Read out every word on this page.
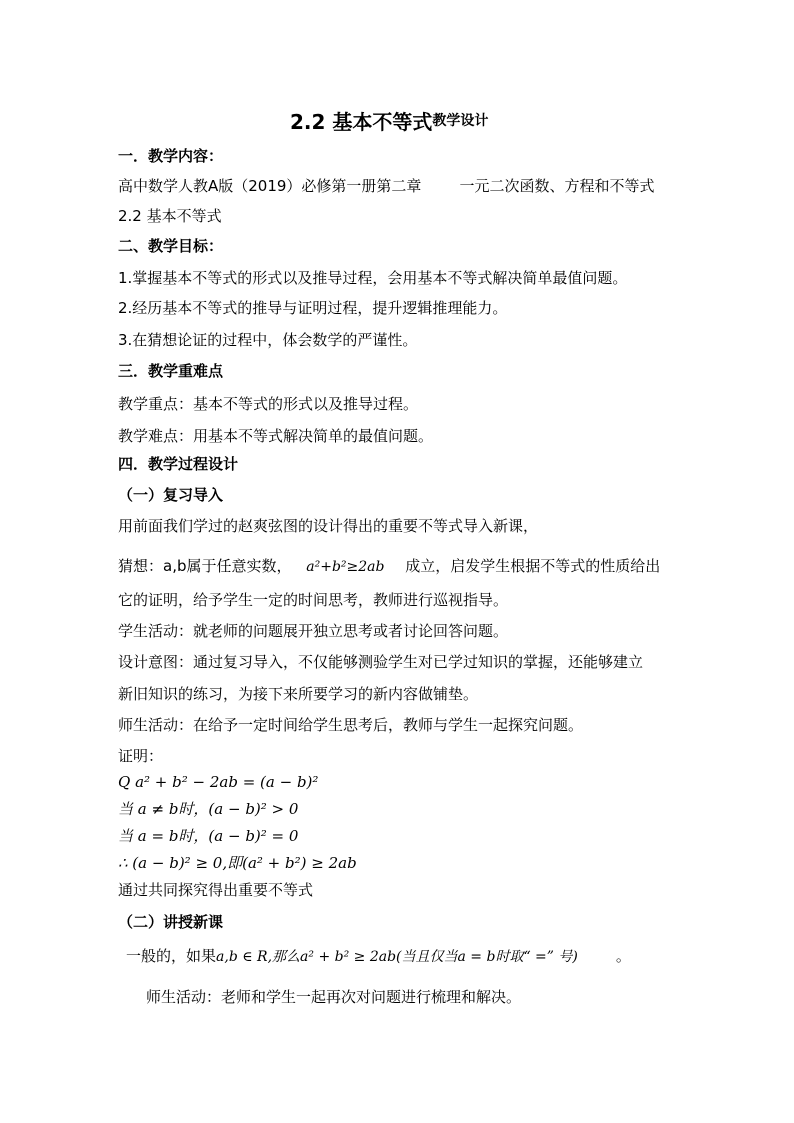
2.2 基本不等式教学设计
一．教学内容：
高中数学人教A版（2019）必修第一册第二章	一元二次函数、方程和不等式
2.2 基本不等式
二、教学目标：
1.掌握基本不等式的形式以及推导过程，会用基本不等式解决简单最值问题。
2.经历基本不等式的推导与证明过程，提升逻辑推理能力。
3.在猜想论证的过程中，体会数学的严谨性。
三．教学重难点
教学重点：基本不等式的形式以及推导过程。
教学难点：用基本不等式解决简单的最值问题。
四．教学过程设计
（一）复习导入
用前面我们学过的赵爽弦图的设计得出的重要不等式导入新课，
猜想：a,b属于任意实数， a²+b²≥2ab 成立，启发学生根据不等式的性质给出
它的证明，给予学生一定的时间思考，教师进行巡视指导。
学生活动：就老师的问题展开独立思考或者讨论回答问题。
设计意图：通过复习导入，不仅能够测验学生对已学过知识的掌握，还能够建立
新旧知识的练习，为接下来所要学习的新内容做铺垫。
师生活动：在给予一定时间给学生思考后，教师与学生一起探究问题。
证明：
Q a² + b² − 2ab = (a − b)²
当 a ≠ b时，(a − b)² > 0
当 a = b时，(a − b)² = 0
∴ (a − b)² ≥ 0,即(a² + b²) ≥ 2ab
通过共同探究得出重要不等式
（二）讲授新课
一般的，如果a,b ∈ R,那么a² + b² ≥ 2ab(当且仅当a = b时取“ =” 号)	。
师生活动：老师和学生一起再次对问题进行梳理和解决。
